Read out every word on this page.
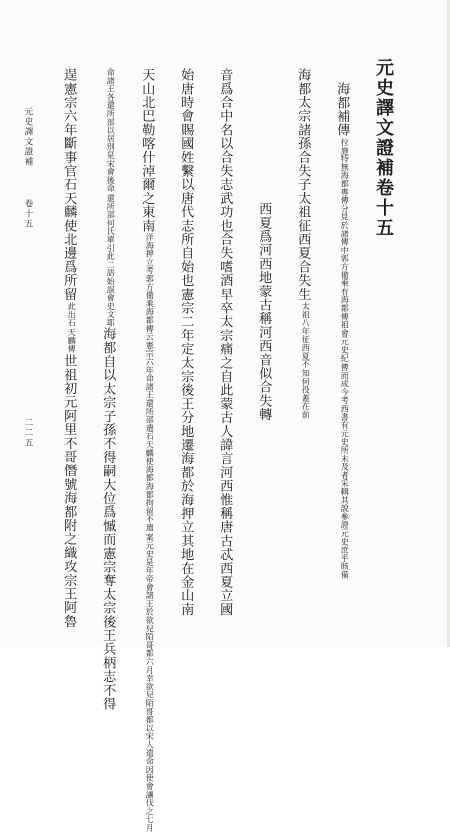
元史譯文證補卷十五
海都補傳
拉施特無海都專傳分見於諸傳中郭方備乘有海都傳祖會元史紀
傳而成今考西書有元史所未及者采輯其說參證元史庶乎賅備
海都太宗諸孫合失子太祖征西夏合失生
太祖八年征西夏不
知何役蓋在前
西夏爲河西地蒙古稱河西音似合失轉
音爲合中名以合失志武功也合失嗜酒早卒太宗痛之自此蒙古人諱言河西惟稱唐古忒西夏立國
始唐時會賜國姓繫以唐代志所自始也憲宗二年定太宗後王分地遷海都於海押立其地在金山南
天山北巴勒喀什淖爾之東南
洋海押立考郭方備乘海都傳云憲宗六年命諸王還所部遺石天麟使海都海都拘留不遣
案元史是年帝會諸王於欲兒陌哥都六月幸欲兒陌哥都以宋人遣命因使會讓伐之七月
命諸王各還所部以居別是宋會後命
還所部何氏單引此二語始誤會史文耶
海都自以太宗子孫不得嗣大位爲慽而憲宗奪太宗後王兵柄志不得
逞憲宗六年斷事官石天麟使北邊爲所留
此出石
天麟傳
世祖初元阿里不哥僭號海都附之織攻宗王阿魯
元史譯文證補
卷十五
二二五
